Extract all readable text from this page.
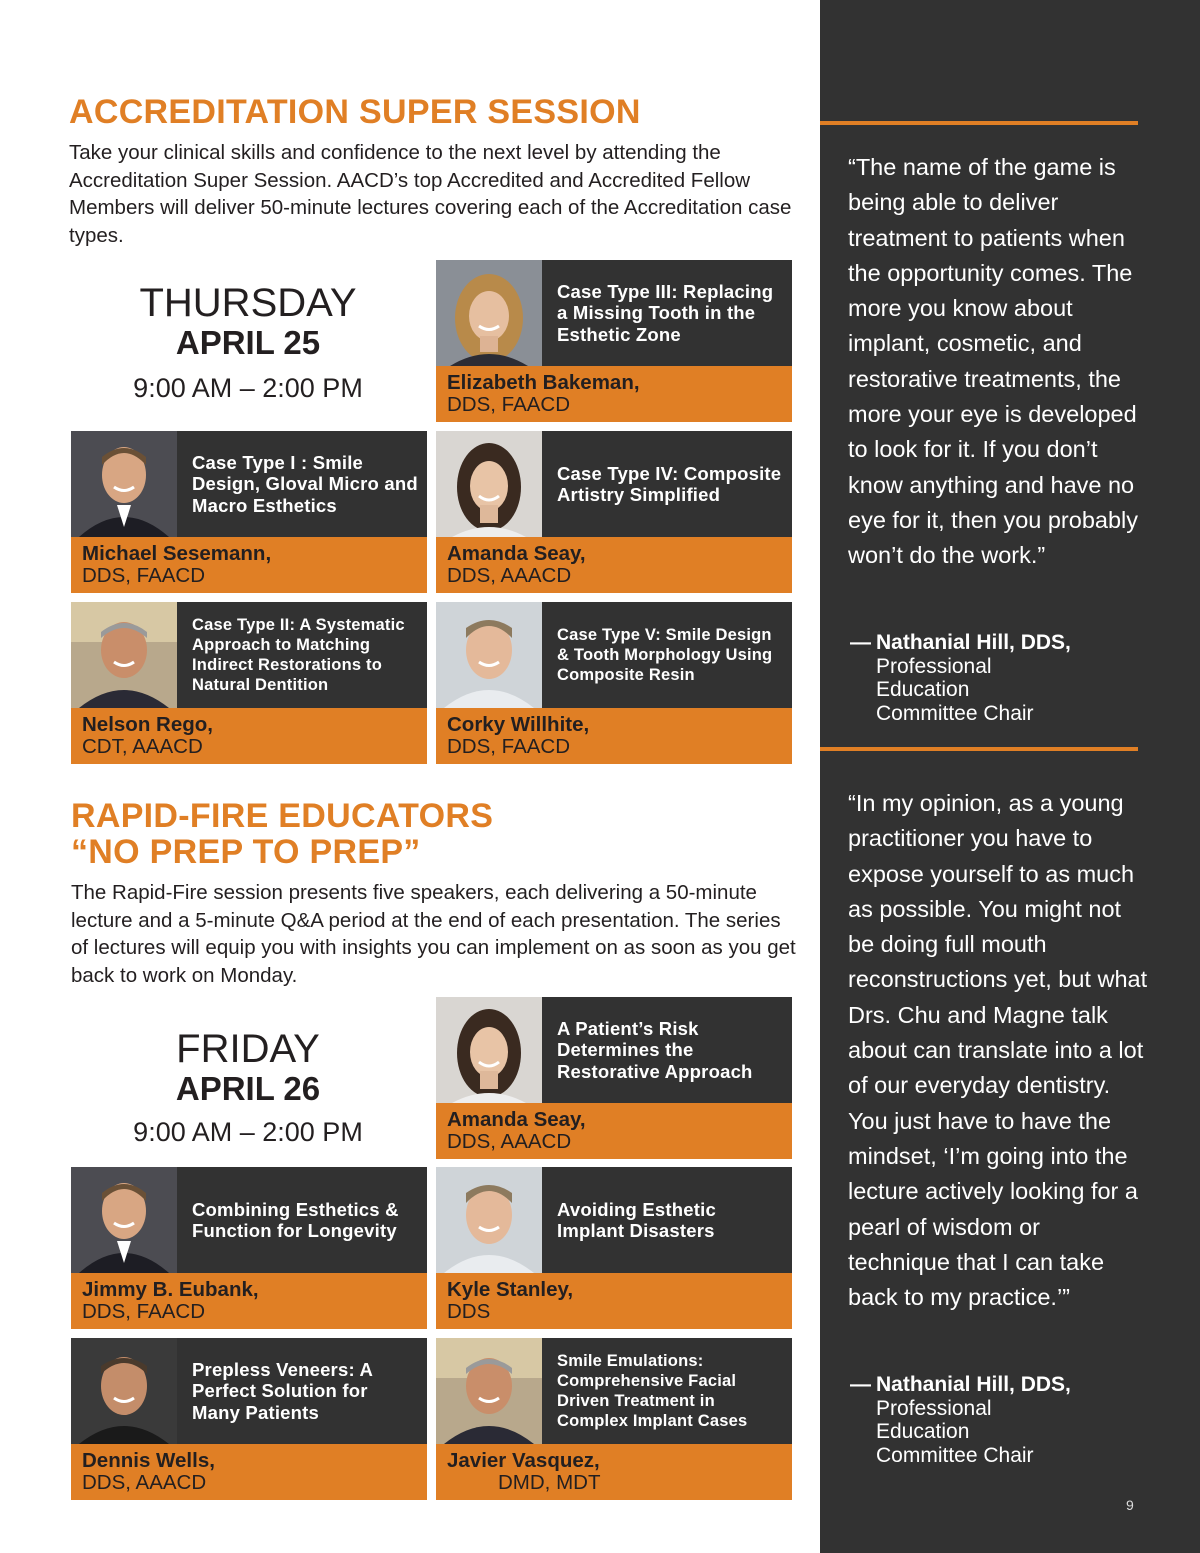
ACCREDITATION SUPER SESSION

Take your clinical skills and confidence to the next level by attending the Accreditation Super Session. AACD’s top Accredited and Accredited Fellow Members will deliver 50-minute lectures covering each of the Accreditation case types.

THURSDAY
APRIL 25
9:00 AM – 2:00 PM
Case Type III: Replacing a Missing Tooth in the Esthetic Zone
Elizabeth Bakeman,
DDS, FAACD
Case Type I : Smile Design, Gloval Micro and Macro Esthetics
Michael Sesemann,
DDS, FAACD
Case Type IV: Composite Artistry Simplified
Amanda Seay,
DDS, AAACD
Case Type II: A Systematic Approach to Matching Indirect Restorations to Natural Dentition
Nelson Rego,
CDT, AAACD
Case Type V: Smile Design & Tooth Morphology Using Composite Resin
Corky Willhite,
DDS, FAACD
RAPID-FIRE EDUCATORS
“NO PREP TO PREP”

The Rapid-Fire session presents five speakers, each delivering a 50-minute lecture and a 5-minute Q&A period at the end of each presentation. The series of lectures will equip you with insights you can implement on as soon as you get back to work on Monday.

FRIDAY
APRIL 26
9:00 AM – 2:00 PM
A Patient’s Risk Determines the Restorative Approach
Amanda Seay,
DDS, AAACD
Combining Esthetics & Function for Longevity
Jimmy B. Eubank,
DDS, FAACD
Avoiding Esthetic Implant Disasters
Kyle Stanley,
DDS
Prepless Veneers: A Perfect Solution for Many Patients
Dennis Wells,
DDS, AAACD
Smile Emulations: Comprehensive Facial Driven Treatment in Complex Implant Cases
Javier Vasquez,
DMD, MDT

“The name of the game is being able to deliver treatment to patients when the opportunity comes. The more you know about implant, cosmetic, and restorative treatments, the more your eye is developed to look for it. If you don’t know anything and have no eye for it, then you probably won’t do the work.”

— Nathanial Hill, DDS,
Professional
Education
Committee Chair

“In my opinion, as a young practitioner you have to expose yourself to as much as possible. You might not be doing full mouth reconstructions yet, but what Drs. Chu and Magne talk about can translate into a lot of our everyday dentistry. You just have to have the mindset, ‘I’m going into the lecture actively looking for a pearl of wisdom or technique that I can take back to my practice.’”

— Nathanial Hill, DDS,
Professional
Education
Committee Chair
9
